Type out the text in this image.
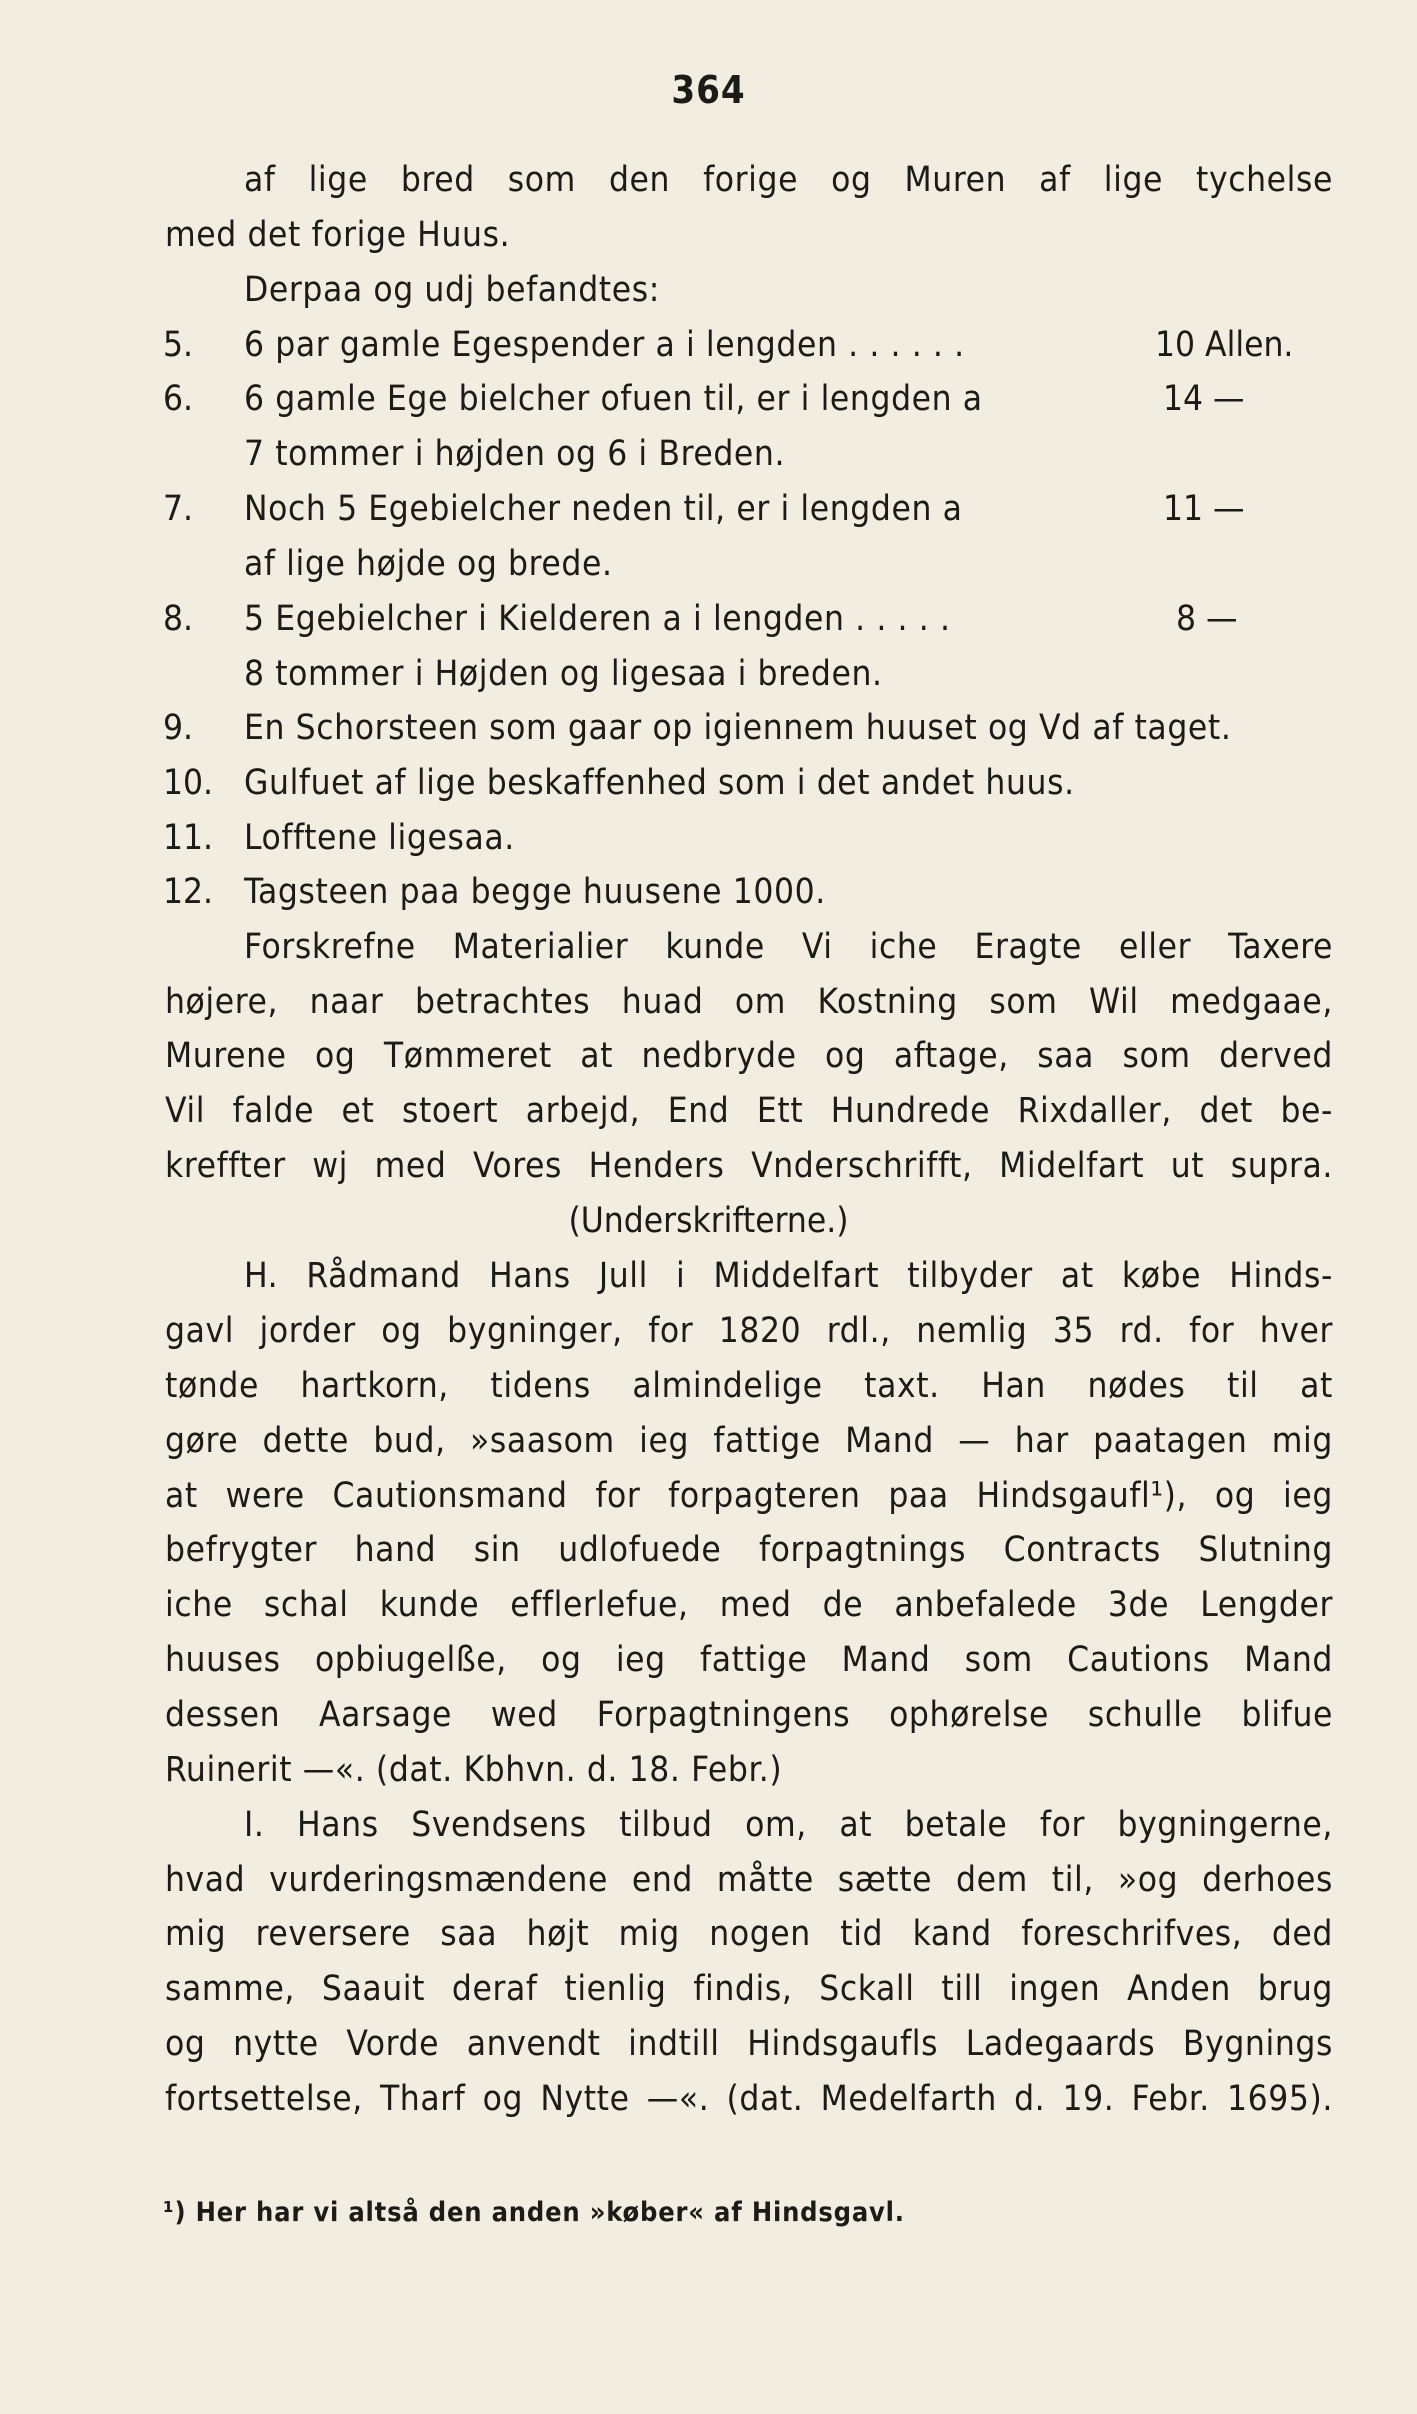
364
af lige bred som den forige og Muren af lige tychelse
med det forige Huus.
Derpaa og udj befandtes:
5.	6 par gamle Egespender a i lengden . . . . . .	10 Allen.
6.	6 gamle Ege bielcher ofuen til, er i lengden a	14 —
7 tommer i højden og 6 i Breden.
7.	Noch 5 Egebielcher neden til, er i lengden a	11 —
af lige højde og brede.
8.	5 Egebielcher i Kielderen a i lengden . . . . .	8 —
8 tommer i Højden og ligesaa i breden.
9.	En Schorsteen som gaar op igiennem huuset og Vd af taget.
10. Gulfuet af lige beskaffenhed som i det andet huus.
11. Lofftene ligesaa.
12. Tagsteen paa begge huusene 1000.
Forskrefne Materialier kunde Vi iche Eragte eller Taxere
højere, naar betrachtes huad om Kostning som Wil medgaae,
Murene og Tømmeret at nedbryde og aftage, saa som derved
Vil falde et stoert arbejd, End Ett Hundrede Rixdaller, det be-
kreffter wj med Vores Henders Vnderschrifft, Midelfart ut supra.
(Underskrifterne.)
H. Rådmand Hans Jull i Middelfart tilbyder at købe Hinds-
gavl jorder og bygninger, for 1820 rdl., nemlig 35 rd. for hver
tønde hartkorn, tidens almindelige taxt. Han nødes til at
gøre dette bud, »saasom ieg fattige Mand — har paatagen mig
at were Cautionsmand for forpagteren paa Hindsgaufl¹), og ieg
befrygter hand sin udlofuede forpagtnings Contracts Slutning
iche schal kunde efflerlefue, med de anbefalede 3de Lengder
huuses opbiugelße, og ieg fattige Mand som Cautions Mand
dessen Aarsage wed Forpagtningens ophørelse schulle blifue
Ruinerit —«. (dat. Kbhvn. d. 18. Febr.)
I. Hans Svendsens tilbud om, at betale for bygningerne,
hvad vurderingsmændene end måtte sætte dem til, »og derhoes
mig reversere saa højt mig nogen tid kand foreschrifves, ded
samme, Saauit deraf tienlig findis, Sckall till ingen Anden brug
og nytte Vorde anvendt indtill Hindsgaufls Ladegaards Bygnings
fortsettelse, Tharf og Nytte —«. (dat. Medelfarth d. 19. Febr. 1695).
¹) Her har vi altså den anden »køber« af Hindsgavl.
